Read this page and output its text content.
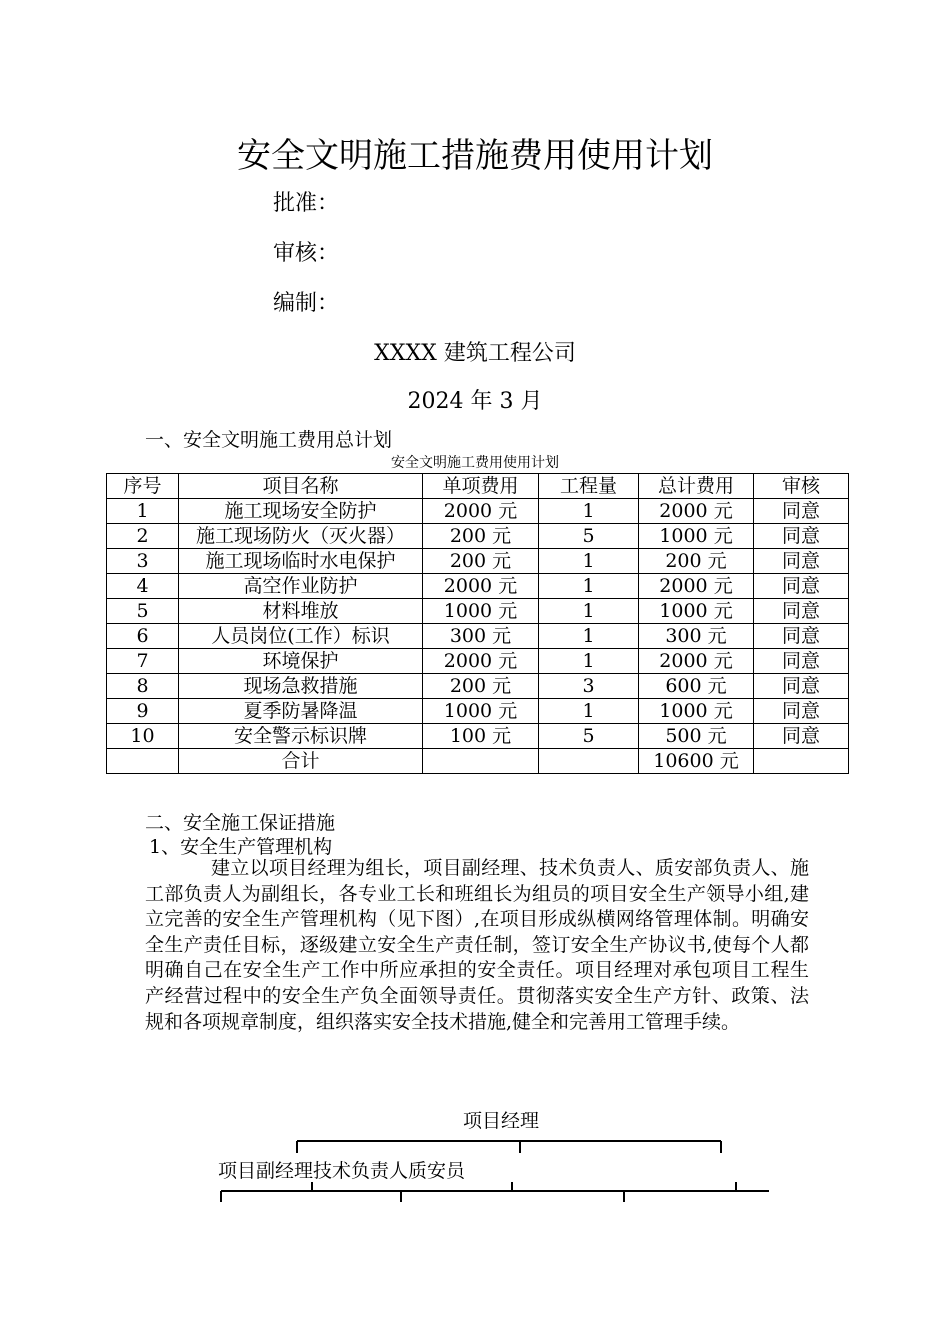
安全文明施工措施费用使用计划
批准：
审核：
编制：
XXXX 建筑工程公司
2024 年 3 月
一、安全文明施工费用总计划
安全文明施工费用使用计划
序号	项目名称	单项费用	工程量	总计费用	审核
1	施工现场安全防护	2000 元	1	2000 元	同意
2	施工现场防火（灭火器）	200 元	5	1000 元	同意
3	施工现场临时水电保护	200 元	1	200 元	同意
4	高空作业防护	2000 元	1	2000 元	同意
5	材料堆放	1000 元	1	1000 元	同意
6	人员岗位(工作）标识	300 元	1	300 元	同意
7	环境保护	2000 元	1	2000 元	同意
8	现场急救措施	200 元	3	600 元	同意
9	夏季防暑降温	1000 元	1	1000 元	同意
10	安全警示标识牌	100 元	5	500 元	同意
	合计			10600 元	
二、安全施工保证措施
1、安全生产管理机构
建立以项目经理为组长，项目副经理、技术负责人、质安部负责人、施工部负责人为副组长，各专业工长和班组长为组员的项目安全生产领导小组,建立完善的安全生产管理机构（见下图）,在项目形成纵横网络管理体制。明确安全生产责任目标，逐级建立安全生产责任制，签订安全生产协议书,使每个人都明确自己在安全生产工作中所应承担的安全责任。项目经理对承包项目工程生产经营过程中的安全生产负全面领导责任。贯彻落实安全生产方针、政策、法规和各项规章制度，组织落实安全技术措施,健全和完善用工管理手续。
项目经理
项目副经理技术负责人质安员
